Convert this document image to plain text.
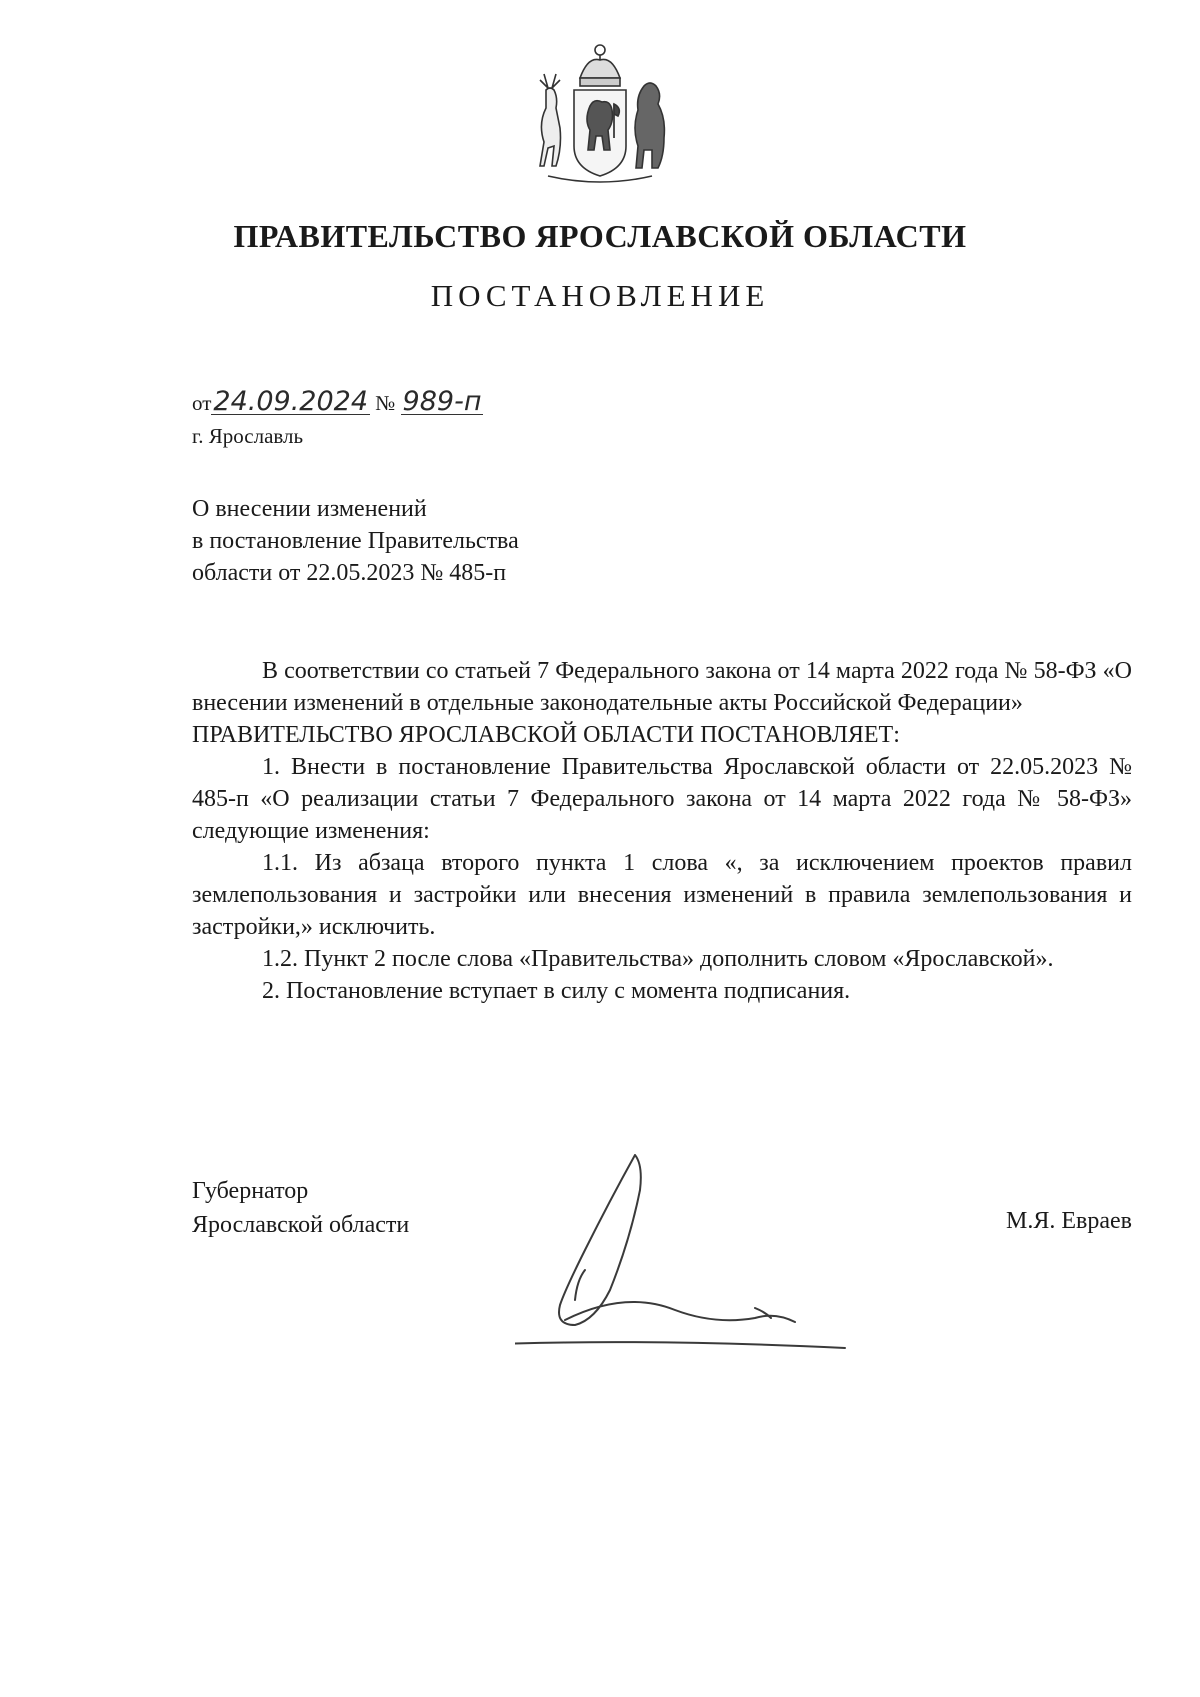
ПРАВИТЕЛЬСТВО ЯРОСЛАВСКОЙ ОБЛАСТИ
ПОСТАНОВЛЕНИЕ
от24.09.2024 № 989-п
г. Ярославль
О внесении изменений
в постановление Правительства
области от 22.05.2023 № 485-п
В соответствии со статьей 7 Федерального закона от 14 марта 2022 года № 58-ФЗ «О внесении изменений в отдельные законодательные акты Российской Федерации»
ПРАВИТЕЛЬСТВО ЯРОСЛАВСКОЙ ОБЛАСТИ ПОСТАНОВЛЯЕТ:
1. Внести в постановление Правительства Ярославской области от 22.05.2023 № 485-п «О реализации статьи 7 Федерального закона от 14 марта 2022 года № 58-ФЗ» следующие изменения:
1.1. Из абзаца второго пункта 1 слова «, за исключением проектов правил землепользования и застройки или внесения изменений в правила землепользования и застройки,» исключить.
1.2. Пункт 2 после слова «Правительства» дополнить словом «Ярославской».
2. Постановление вступает в силу с момента подписания.
Губернатор
Ярославской области	М.Я. Евраев
